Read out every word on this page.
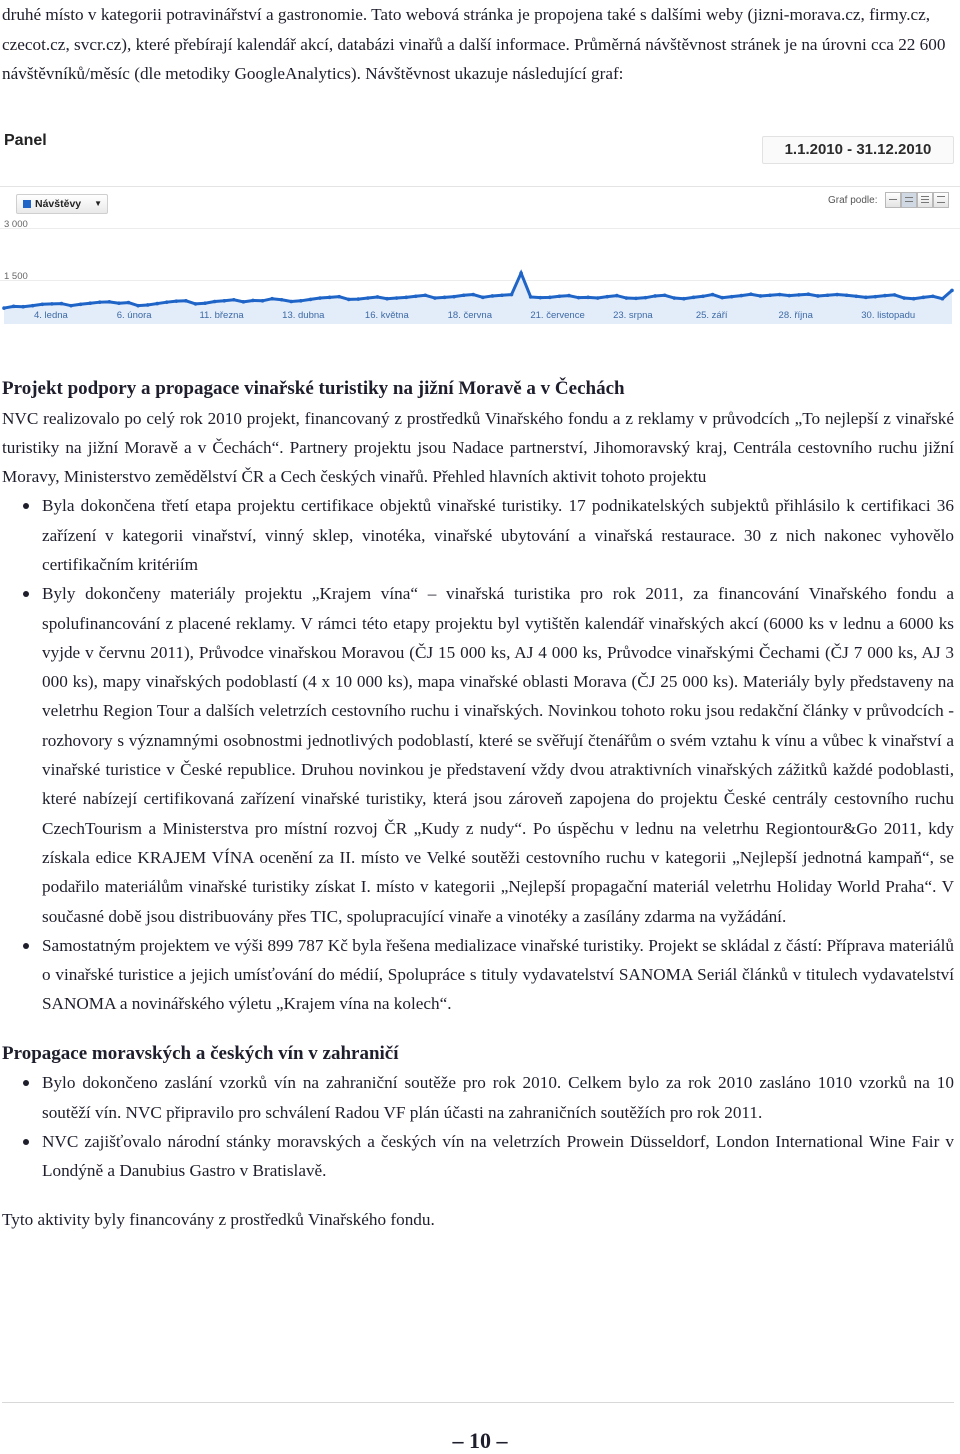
druhé místo v kategorii potravinářství a gastronomie. Tato webová stránka je propojena také s dalšími weby (jizni-morava.cz, firmy.cz, czecot.cz, svcr.cz), které přebírají kalendář akcí, databázi vinařů a další informace. Průměrná návštěvnost stránek je na úrovni cca 22 600 návštěvníků/měsíc (dle metodiky GoogleAnalytics). Návštěvnost ukazuje následující graf:

Panel
1.1.2010 - 31.12.2010
Návštěvy ▼	Graf podle:
3 000
1 500
4. ledna	6. února	11. března	13. dubna	16. května	18. června	21. července	23. srpna	25. září	28. října	30. listopadu
Projekt podpory a propagace vinařské turistiky na jižní Moravě a v Čechách

NVC realizovalo po celý rok 2010 projekt, financovaný z prostředků Vinařského fondu a z reklamy v průvodcích „To nejlepší z vinařské turistiky na jižní Moravě a v Čechách“. Partnery projektu jsou Nadace partnerství, Jihomoravský kraj, Centrála cestovního ruchu jižní Moravy, Ministerstvo zemědělství ČR a Cech českých vinařů. Přehled hlavních aktivit tohoto projektu

Byla dokončena třetí etapa projektu certifikace objektů vinařské turistiky. 17 podnikatelských subjektů přihlásilo k certifikaci 36 zařízení v kategorii vinařství, vinný sklep, vinotéka, vinařské ubytování a vinařská restaurace. 30 z nich nakonec vyhovělo certifikačním kritériím
Byly dokončeny materiály projektu „Krajem vína“ – vinařská turistika pro rok 2011, za financování Vinařského fondu a spolufinancování z placené reklamy. V rámci této etapy projektu byl vytištěn kalendář vinařských akcí (6000 ks v lednu a 6000 ks vyjde v červnu 2011), Průvodce vinařskou Moravou (ČJ 15 000 ks, AJ 4 000 ks, Průvodce vinařskými Čechami (ČJ 7 000 ks, AJ 3 000 ks), mapy vinařských podoblastí (4 x 10 000 ks), mapa vinařské oblasti Morava (ČJ 25 000 ks). Materiály byly představeny na veletrhu Region Tour a dalších veletrzích cestovního ruchu i vinařských. Novinkou tohoto roku jsou redakční články v průvodcích - rozhovory s významnými osobnostmi jednotlivých podoblastí, které se svěřují čtenářům o svém vztahu k vínu a vůbec k vinařství a vinařské turistice v České republice. Druhou novinkou je představení vždy dvou atraktivních vinařských zážitků každé podoblasti, které nabízejí certifikovaná zařízení vinařské turistiky, která jsou zároveň zapojena do projektu České centrály cestovního ruchu CzechTourism a Ministerstva pro místní rozvoj ČR „Kudy z nudy“. Po úspěchu v lednu na veletrhu Regiontour&Go 2011, kdy získala edice KRAJEM VÍNA ocenění za II. místo ve Velké soutěži cestovního ruchu v kategorii „Nejlepší jednotná kampaň“, se podařilo materiálům vinařské turistiky získat I. místo v kategorii „Nejlepší propagační materiál veletrhu Holiday World Praha“. V současné době jsou distribuovány přes TIC, spolupracující vinaře a vinotéky a zasílány zdarma na vyžádání.
Samostatným projektem ve výši 899 787 Kč byla řešena medializace vinařské turistiky. Projekt se skládal z částí: Příprava materiálů o vinařské turistice a jejich umísťování do médií, Spolupráce s tituly vydavatelství SANOMA Seriál článků v titulech vydavatelství SANOMA a novinářského výletu „Krajem vína na kolech“.
Propagace moravských a českých vín v zahraničí
Bylo dokončeno zaslání vzorků vín na zahraniční soutěže pro rok 2010. Celkem bylo za rok 2010 zasláno 1010 vzorků na 10 soutěží vín. NVC připravilo pro schválení Radou VF plán účasti na zahraničních soutěžích pro rok 2011.
NVC zajišťovalo národní stánky moravských a českých vín na veletrzích Prowein Düsseldorf, London International Wine Fair v Londýně a Danubius Gastro v Bratislavě.

Tyto aktivity byly financovány z prostředků Vinařského fondu.

– 10 –
